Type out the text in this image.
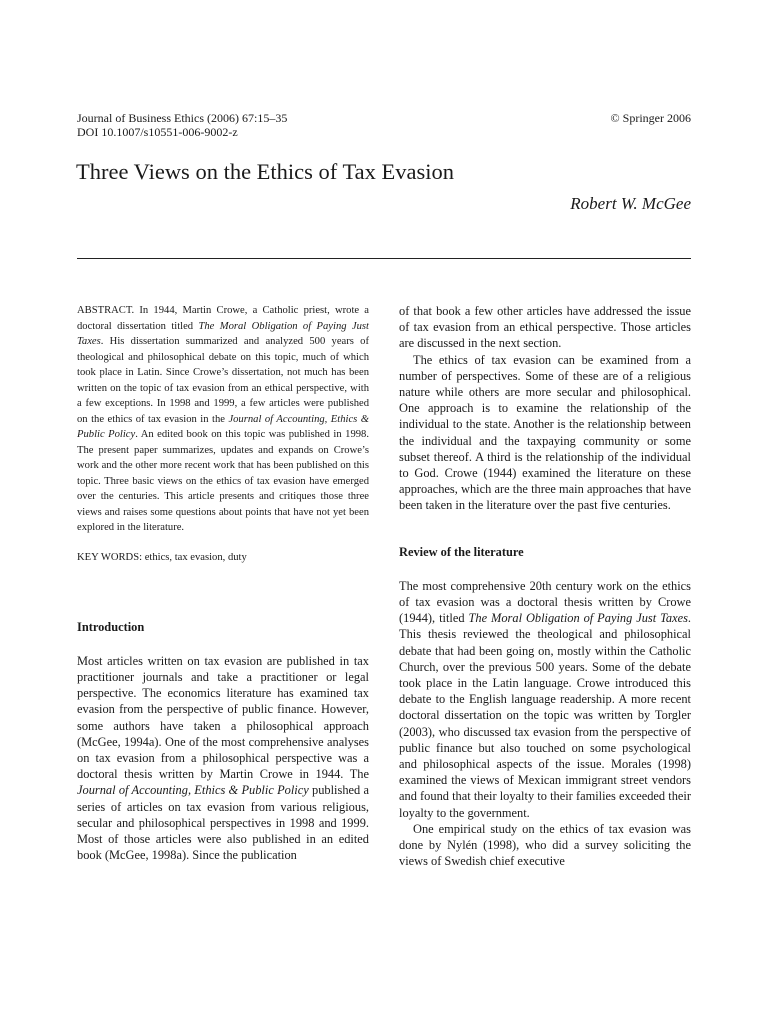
Journal of Business Ethics (2006) 67:15–35
DOI 10.1007/s10551-006-9002-z
© Springer 2006
Three Views on the Ethics of Tax Evasion
Robert W. McGee

ABSTRACT. In 1944, Martin Crowe, a Catholic priest, wrote a doctoral dissertation titled The Moral Obligation of Paying Just Taxes. His dissertation summarized and analyzed 500 years of theological and philosophical debate on this topic, much of which took place in Latin. Since Crowe’s dissertation, not much has been written on the topic of tax evasion from an ethical perspective, with a few exceptions. In 1998 and 1999, a few articles were published on the ethics of tax evasion in the Journal of Accounting, Ethics & Public Policy. An edited book on this topic was published in 1998. The present paper summarizes, updates and expands on Crowe’s work and the other more recent work that has been published on this topic. Three basic views on the ethics of tax evasion have emerged over the centuries. This article presents and critiques those three views and raises some questions about points that have not yet been explored in the literature.

KEY WORDS: ethics, tax evasion, duty

Introduction

Most articles written on tax evasion are published in tax practitioner journals and take a practitioner or legal perspective. The economics literature has examined tax evasion from the perspective of public finance. However, some authors have taken a philosophical approach (McGee, 1994a). One of the most comprehensive analyses on tax evasion from a philosophical perspective was a doctoral thesis written by Martin Crowe in 1944. The Journal of Accounting, Ethics & Public Policy published a series of articles on tax evasion from various religious, secular and philosophical perspectives in 1998 and 1999. Most of those articles were also published in an edited book (McGee, 1998a). Since the publication

of that book a few other articles have addressed the issue of tax evasion from an ethical perspective. Those articles are discussed in the next section.

The ethics of tax evasion can be examined from a number of perspectives. Some of these are of a religious nature while others are more secular and philosophical. One approach is to examine the relationship of the individual to the state. Another is the relationship between the individual and the taxpaying community or some subset thereof. A third is the relationship of the individual to God. Crowe (1944) examined the literature on these approaches, which are the three main approaches that have been taken in the literature over the past five centuries.

Review of the literature

The most comprehensive 20th century work on the ethics of tax evasion was a doctoral thesis written by Crowe (1944), titled The Moral Obligation of Paying Just Taxes. This thesis reviewed the theological and philosophical debate that had been going on, mostly within the Catholic Church, over the previous 500 years. Some of the debate took place in the Latin language. Crowe introduced this debate to the English language readership. A more recent doctoral dissertation on the topic was written by Torgler (2003), who discussed tax evasion from the perspective of public finance but also touched on some psychological and philosophical aspects of the issue. Morales (1998) examined the views of Mexican immigrant street vendors and found that their loyalty to their families exceeded their loyalty to the government.

One empirical study on the ethics of tax evasion was done by Nylén (1998), who did a survey soliciting the views of Swedish chief executive
